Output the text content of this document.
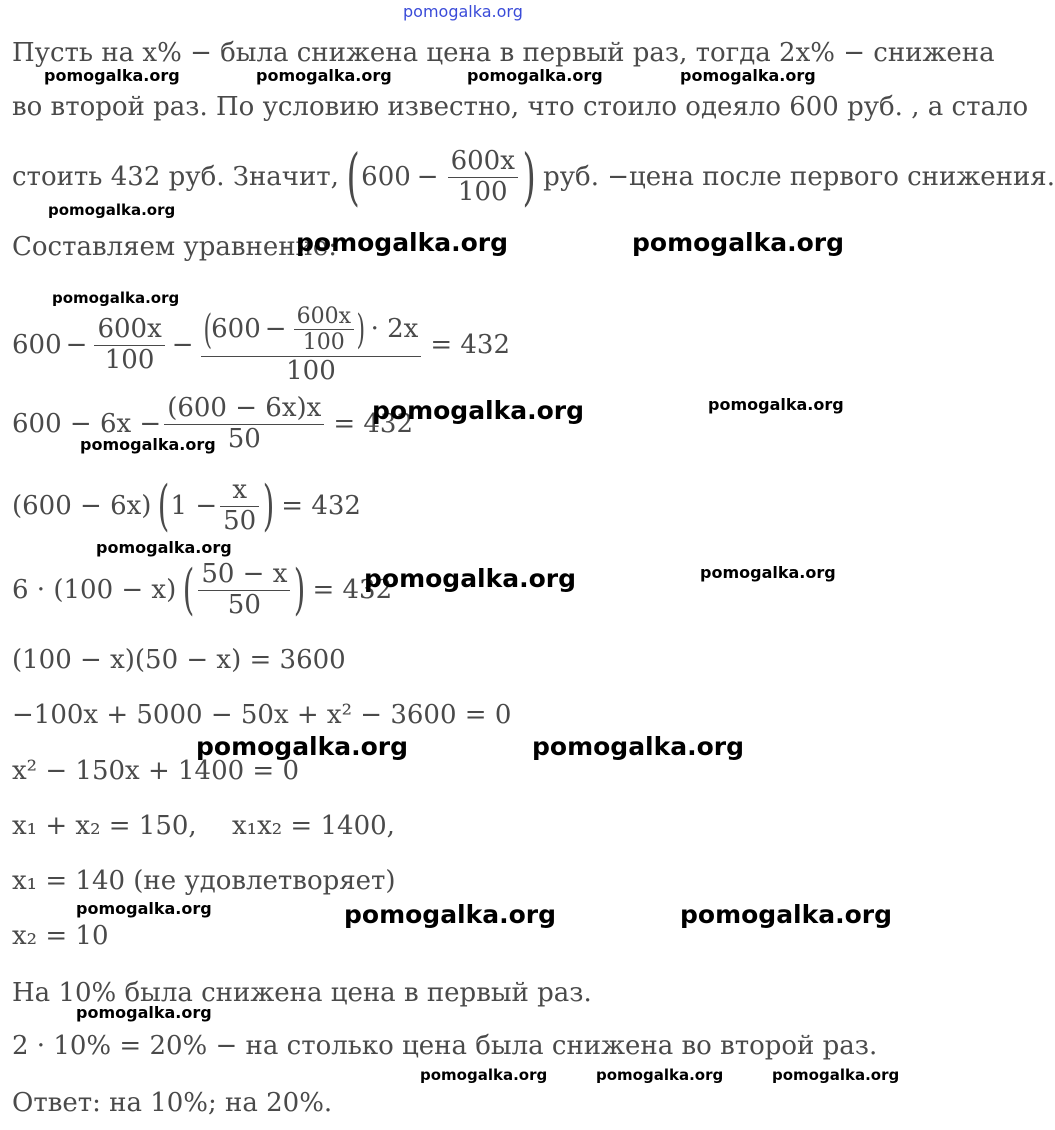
pomogalka.org
Пусть на x% − была снижена цена в первый раз, тогда 2x% − снижена
pomogalka.org	pomogalka.org	pomogalka.org	pomogalka.org
во второй раз. По условию известно, что стоило одеяло 600 руб. , а стало
стоить 432 руб. Значит, ( $600 - \frac{600x}{100}$ ) руб. −цена после первого снижения.
pomogalka.org
Составляем уравнение:
pomogalka.org	pomogalka.org
pomogalka.org
$600 - \frac{600x}{100}$ − ( $600 - \frac{600x}{100}$ ) · 2x
100
= 432
$600 - 6x - \frac{(600 - 6x)x}{50} = 432$
pomogalka.org	pomogalka.org
pomogalka.org
(600 − 6x) ( $1 - \frac{x}{50}$ ) = 432
pomogalka.org
6 · (100 − x) ( $\frac{50 - x}{50}$ ) = 432
pomogalka.org	pomogalka.org
(100 − x)(50 − x) = 3600
−100x + 5000 − 50x + x² − 3600 = 0
pomogalka.org	pomogalka.org
x² − 150x + 1400 = 0
x₁ + x₂ = 150, x₁x₂ = 1400,
x₁ = 140 (не удовлетворяет)
pomogalka.org	pomogalka.org	pomogalka.org
x₂ = 10
На 10% была снижена цена в первый раз.
pomogalka.org
2 · 10% = 20% − на столько цена была снижена во второй раз.
pomogalka.org	pomogalka.org	pomogalka.org
Ответ: на 10%; на 20%.
